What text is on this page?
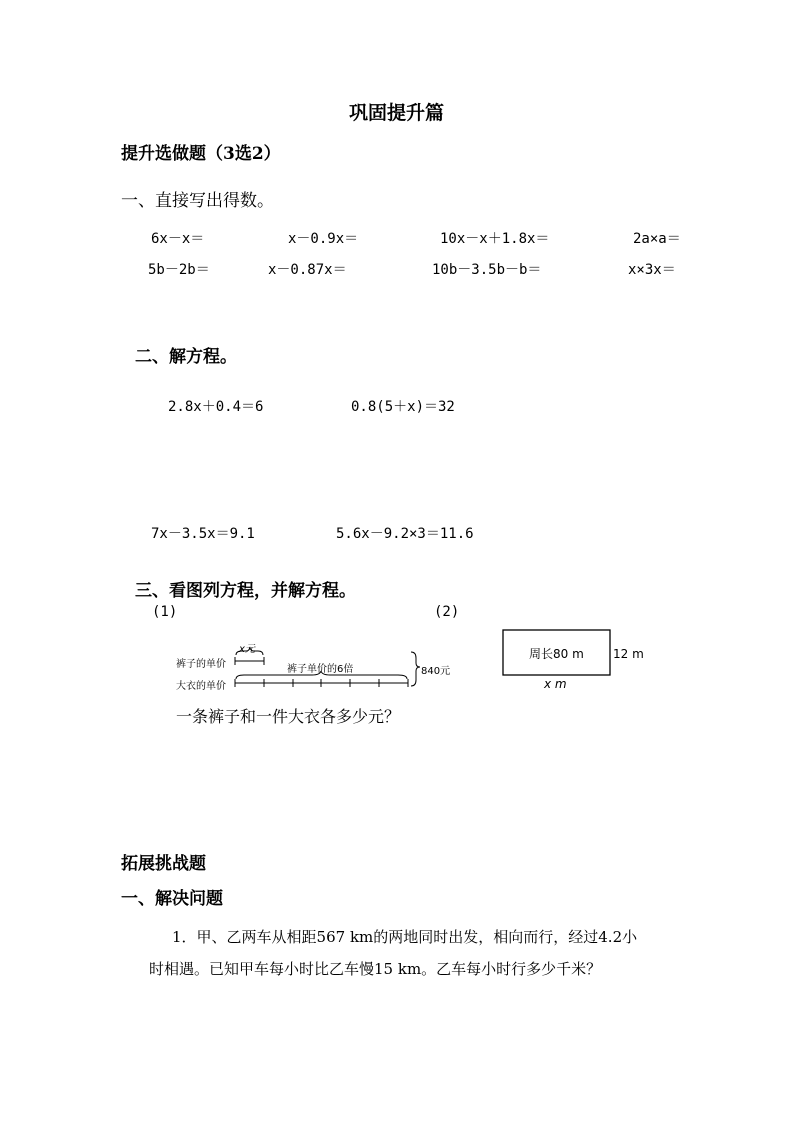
巩固提升篇
提升选做题（3选2）
一、直接写出得数。
6x－x＝	x－0.9x＝	10x－x＋1.8x＝	2a×a＝
5b－2b＝	x－0.87x＝	10b－3.5b－b＝	x×3x＝
二、解方程。
2.8x＋0.4＝6	0.8(5＋x)＝32
7x－3.5x＝9.1	5.6x－9.2×3＝11.6
三、看图列方程，并解方程。
(1)	(2)
x元
裤子的单价
大衣的单价
裤子单价的6倍	840元
周长80 m 12 m
x m
一条裤子和一件大衣各多少元？
拓展挑战题
一、解决问题
1．甲、乙两车从相距567 km的两地同时出发，相向而行，经过4.2小
时相遇。已知甲车每小时比乙车慢15 km。乙车每小时行多少千米？
